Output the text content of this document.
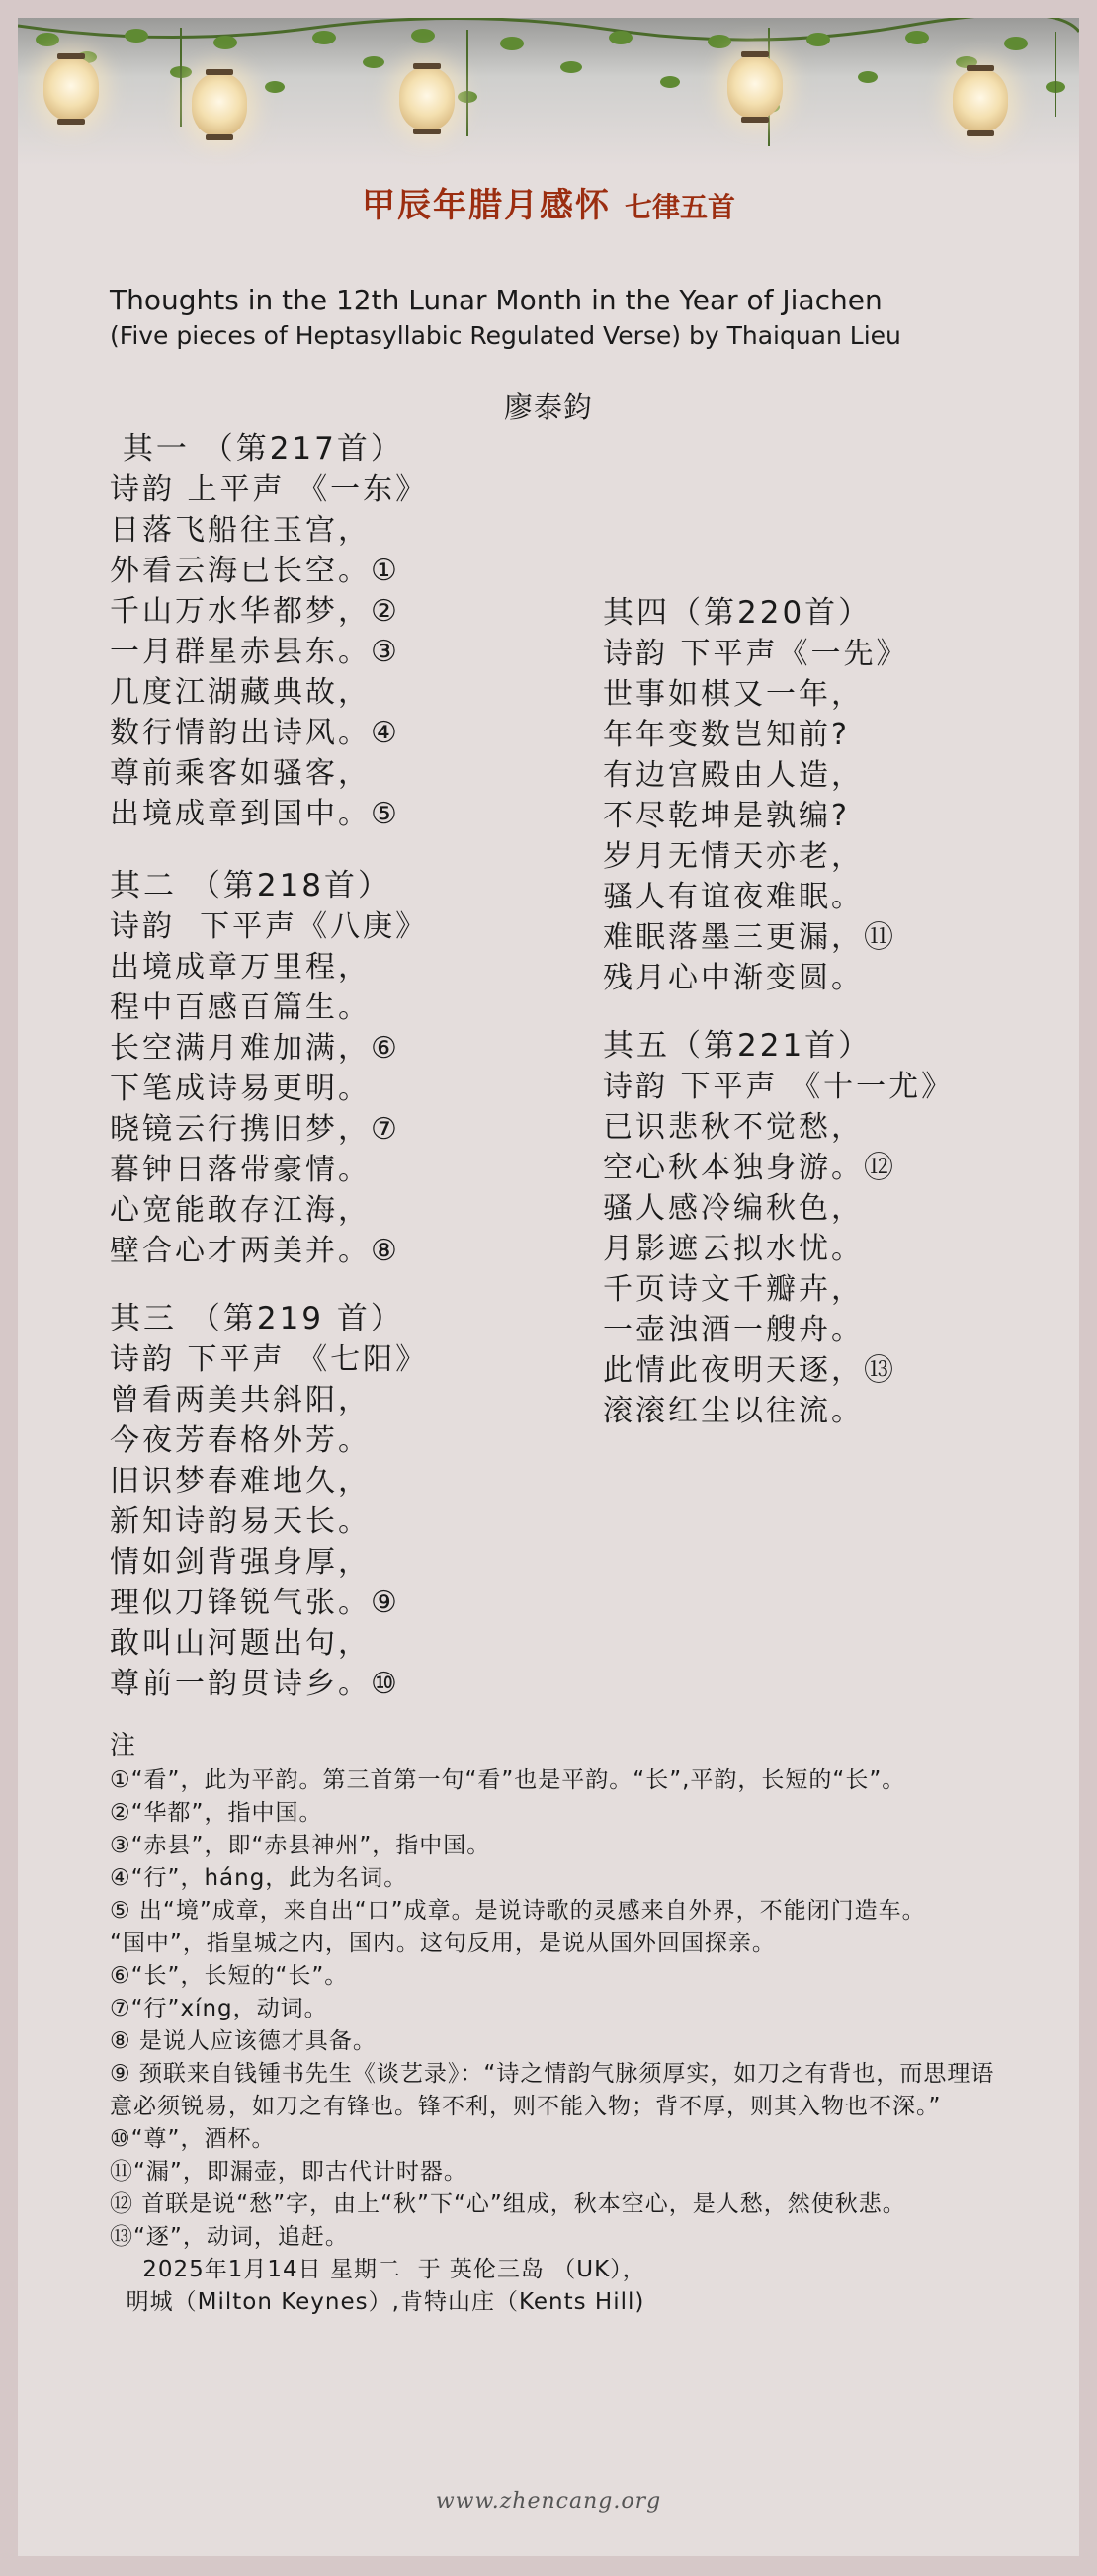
甲辰年腊月感怀 七律五首
Thoughts in the 12th Lunar Month in the Year of Jiachen
(Five pieces of Heptasyllabic Regulated Verse) by Thaiquan Lieu
廖泰鈞
其一 （第217首）
诗韵 上平声 《一东》
日落飞船往玉宫，
外看云海已长空。①
千山万水华都梦，②
一月群星赤县东。③
几度江湖藏典故，
数行情韵出诗风。④
尊前乘客如骚客，
出境成章到国中。⑤
其二 （第218首）
诗韵  下平声《八庚》
出境成章万里程，
程中百感百篇生。
长空满月难加满，⑥
下笔成诗易更明。
晓镜云行携旧梦，⑦
暮钟日落带豪情。
心宽能敢存江海，
壁合心才两美并。⑧
其三 （第219 首）
诗韵 下平声 《七阳》
曾看两美共斜阳，
今夜芳春格外芳。
旧识梦春难地久，
新知诗韵易天长。
情如剑背强身厚，
理似刀锋锐气张。⑨
敢叫山河题出句，
尊前一韵贯诗乡。⑩
其四（第220首）
诗韵 下平声《一先》
世事如棋又一年，
年年变数岂知前?
有边宫殿由人造，
不尽乾坤是孰编?
岁月无情天亦老，
骚人有谊夜难眠。
难眠落墨三更漏，⑪
残月心中渐变圆。
其五（第221首）
诗韵 下平声 《十一尤》
已识悲秋不觉愁，
空心秋本独身游。⑫
骚人感冷编秋色，
月影遮云拟水忧。
千页诗文千瓣卉，
一壶浊酒一艘舟。
此情此夜明天逐，⑬
滚滚红尘以往流。
注
①“看”，此为平韵。第三首第一句“看”也是平韵。“长”,平韵，长短的“长”。
②“华都”，指中国。
③“赤县”，即“赤县神州”，指中国。
④“行”，háng，此为名词。
⑤ 出“境”成章，来自出“口”成章。是说诗歌的灵感来自外界，不能闭门造车。
“国中”，指皇城之内，国内。这句反用，是说从国外回国探亲。
⑥“长”，长短的“长”。
⑦“行”xíng，动词。
⑧ 是说人应该德才具备。
⑨ 颈联来自钱锺书先生《谈艺录》：“诗之情韵气脉须厚实，如刀之有背也，而思理语意必须锐易，如刀之有锋也。锋不利，则不能入物；背不厚，则其入物也不深。”
⑩“尊”，酒杯。
⑪“漏”，即漏壶，即古代计时器。
⑫ 首联是说“愁”字，由上“秋”下“心”组成，秋本空心，是人愁，然使秋悲。
⑬“逐”，动词，追赶。
2025年1月14日 星期二  于 英伦三岛 （UK），
明城（Milton Keynes）,肯特山庄（Kents Hill)
www.zhencang.org
